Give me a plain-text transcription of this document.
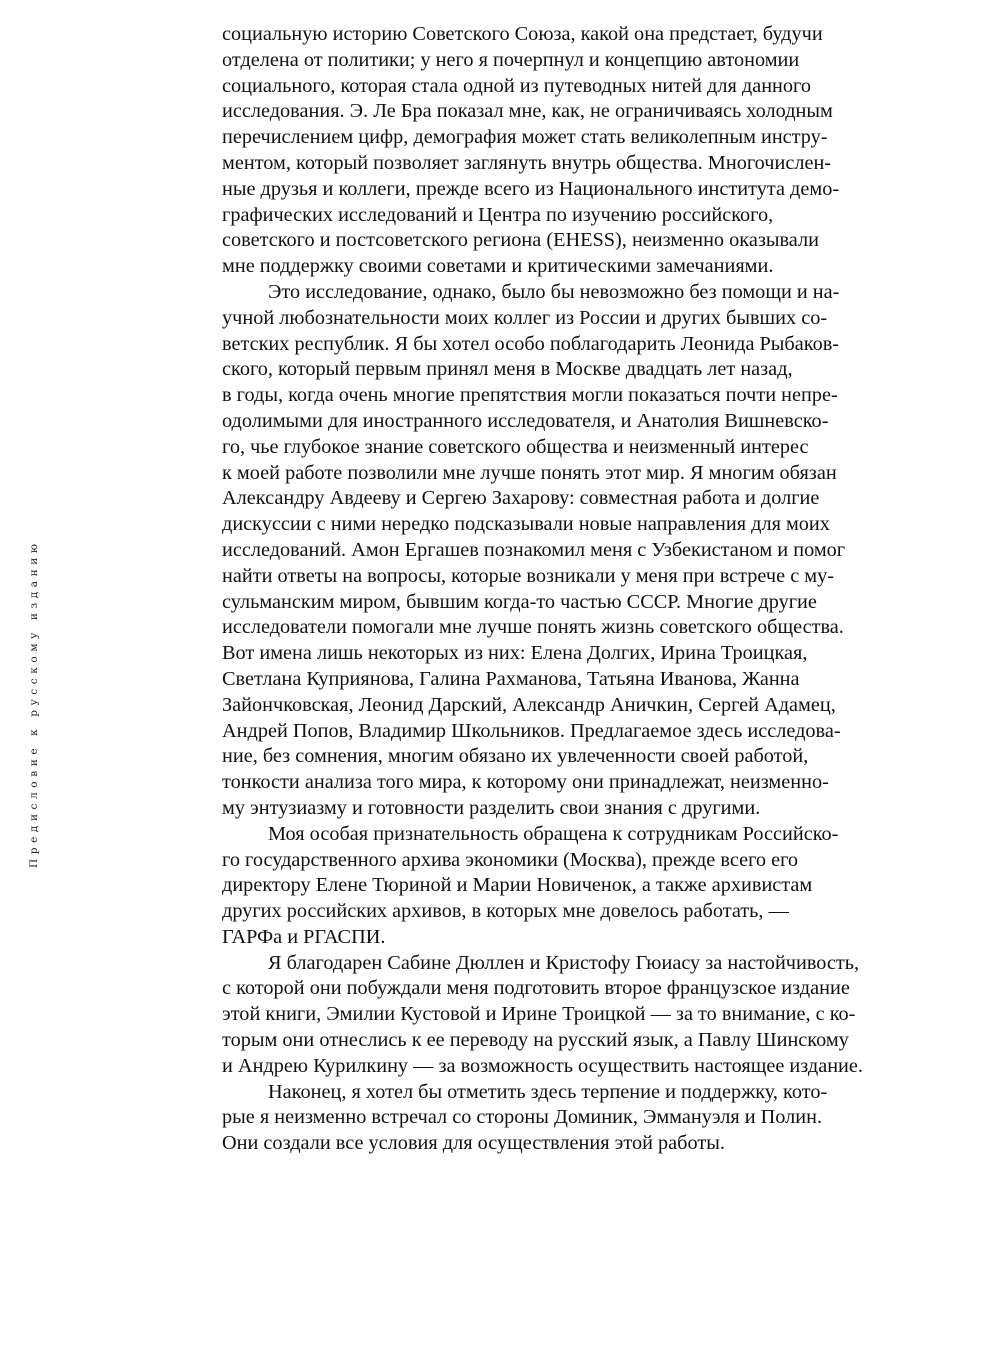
Предисловие к русскому изданию

социальную историю Советского Союза, какой она предстает, будучи
отделена от политики; у него я почерпнул и концепцию автономии
социального, которая стала одной из путеводных нитей для данного
исследования. Э. Ле Бра показал мне, как, не ограничиваясь холодным
перечислением цифр, демография может стать великолепным инстру-
ментом, который позволяет заглянуть внутрь общества. Многочислен-
ные друзья и коллеги, прежде всего из Национального института демо-
графических исследований и Центра по изучению российского,
советского и постсоветского региона (EHESS), неизменно оказывали
мне поддержку своими советами и критическими замечаниями.

Это исследование, однако, было бы невозможно без помощи и на-
учной любознательности моих коллег из России и других бывших со-
ветских республик. Я бы хотел особо поблагодарить Леонида Рыбаков-
ского, который первым принял меня в Москве двадцать лет назад,
в годы, когда очень многие препятствия могли показаться почти непре-
одолимыми для иностранного исследователя, и Анатолия Вишневско-
го, чье глубокое знание советского общества и неизменный интерес
к моей работе позволили мне лучше понять этот мир. Я многим обязан
Александру Авдееву и Сергею Захарову: совместная работа и долгие
дискуссии с ними нередко подсказывали новые направления для моих
исследований. Амон Ергашев познакомил меня с Узбекистаном и помог
найти ответы на вопросы, которые возникали у меня при встрече с му-
сульманским миром, бывшим когда-то частью СССР. Многие другие
исследователи помогали мне лучше понять жизнь советского общества.
Вот имена лишь некоторых из них: Елена Долгих, Ирина Троицкая,
Светлана Куприянова, Галина Рахманова, Татьяна Иванова, Жанна
Зайончковская, Леонид Дарский, Александр Аничкин, Сергей Адамец,
Андрей Попов, Владимир Школьников. Предлагаемое здесь исследова-
ние, без сомнения, многим обязано их увлеченности своей работой,
тонкости анализа того мира, к которому они принадлежат, неизменно-
му энтузиазму и готовности разделить свои знания с другими.

Моя особая признательность обращена к сотрудникам Российско-
го государственного архива экономики (Москва), прежде всего его
директору Елене Тюриной и Марии Новиченок, а также архивистам
других российских архивов, в которых мне довелось работать, —
ГАРФа и РГАСПИ.

Я благодарен Сабине Дюллен и Кристофу Гюиасу за настойчивость,
с которой они побуждали меня подготовить второе французское издание
этой книги, Эмилии Кустовой и Ирине Троицкой — за то внимание, с ко-
торым они отнеслись к ее переводу на русский язык, а Павлу Шинскому
и Андрею Курилкину — за возможность осуществить настоящее издание.

Наконец, я хотел бы отметить здесь терпение и поддержку, кото-
рые я неизменно встречал со стороны Доминик, Эммануэля и Полин.
Они создали все условия для осуществления этой работы.
